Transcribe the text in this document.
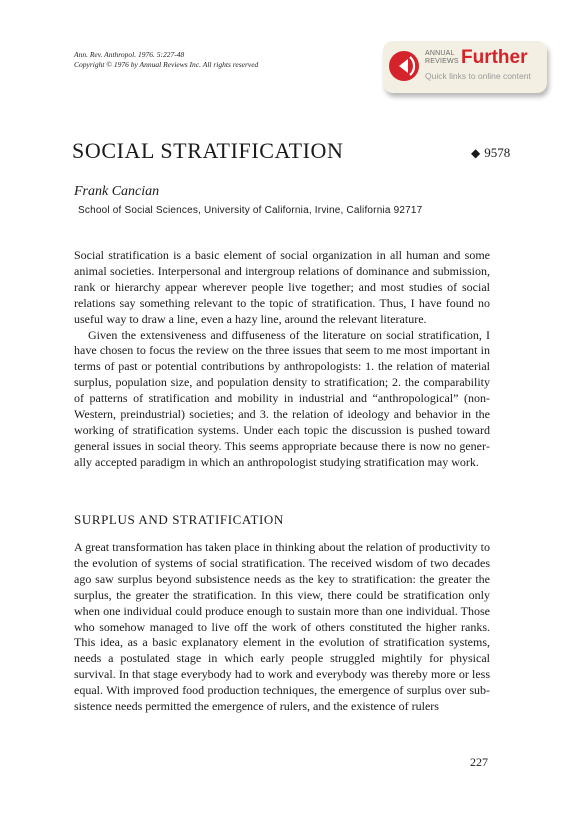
Ann. Rev. Anthropol. 1976. 5:227-48
Copyright © 1976 by Annual Reviews Inc. All rights reserved
ANNUAL
REVIEWS Further
Quick links to online content
SOCIAL STRATIFICATION	◆ 9578
Frank Cancian
School of Social Sciences, University of California, Irvine, California 92717

Social stratification is a basic element of social organization in all human and some animal societies. Interpersonal and intergroup relations of dominance and submission, rank or hierarchy appear wherever people live together; and most studies of social relations say something relevant to the topic of stratification. Thus, I have found no useful way to draw a line, even a hazy line, around the relevant literature.

Given the extensiveness and diffuseness of the literature on social stratification, I have chosen to focus the review on the three issues that seem to me most important in terms of past or potential contributions by anthropologists: 1. the relation of material surplus, population size, and population density to stratification; 2. the comparability of patterns of stratification and mobility in industrial and “anthropological” (non-Western, preindustrial) societies; and 3. the relation of ideology and behavior in the working of stratification systems. Under each topic the discussion is pushed toward general issues in social theory. This seems appropriate because there is now no generally accepted paradigm in which an anthropologist studying stratification may work.

SURPLUS AND STRATIFICATION

A great transformation has taken place in thinking about the relation of productivity to the evolution of systems of social stratification. The received wisdom of two decades ago saw surplus beyond subsistence needs as the key to stratification: the greater the surplus, the greater the stratification. In this view, there could be stratification only when one individual could produce enough to sustain more than one individual. Those who somehow managed to live off the work of others constituted the higher ranks. This idea, as a basic explanatory element in the evolution of stratification systems, needs a postulated stage in which early people struggled mightily for physical survival. In that stage everybody had to work and everybody was thereby more or less equal. With improved food production techniques, the emergence of surplus over subsistence needs permitted the emergence of rulers, and the existence of rulers

227
